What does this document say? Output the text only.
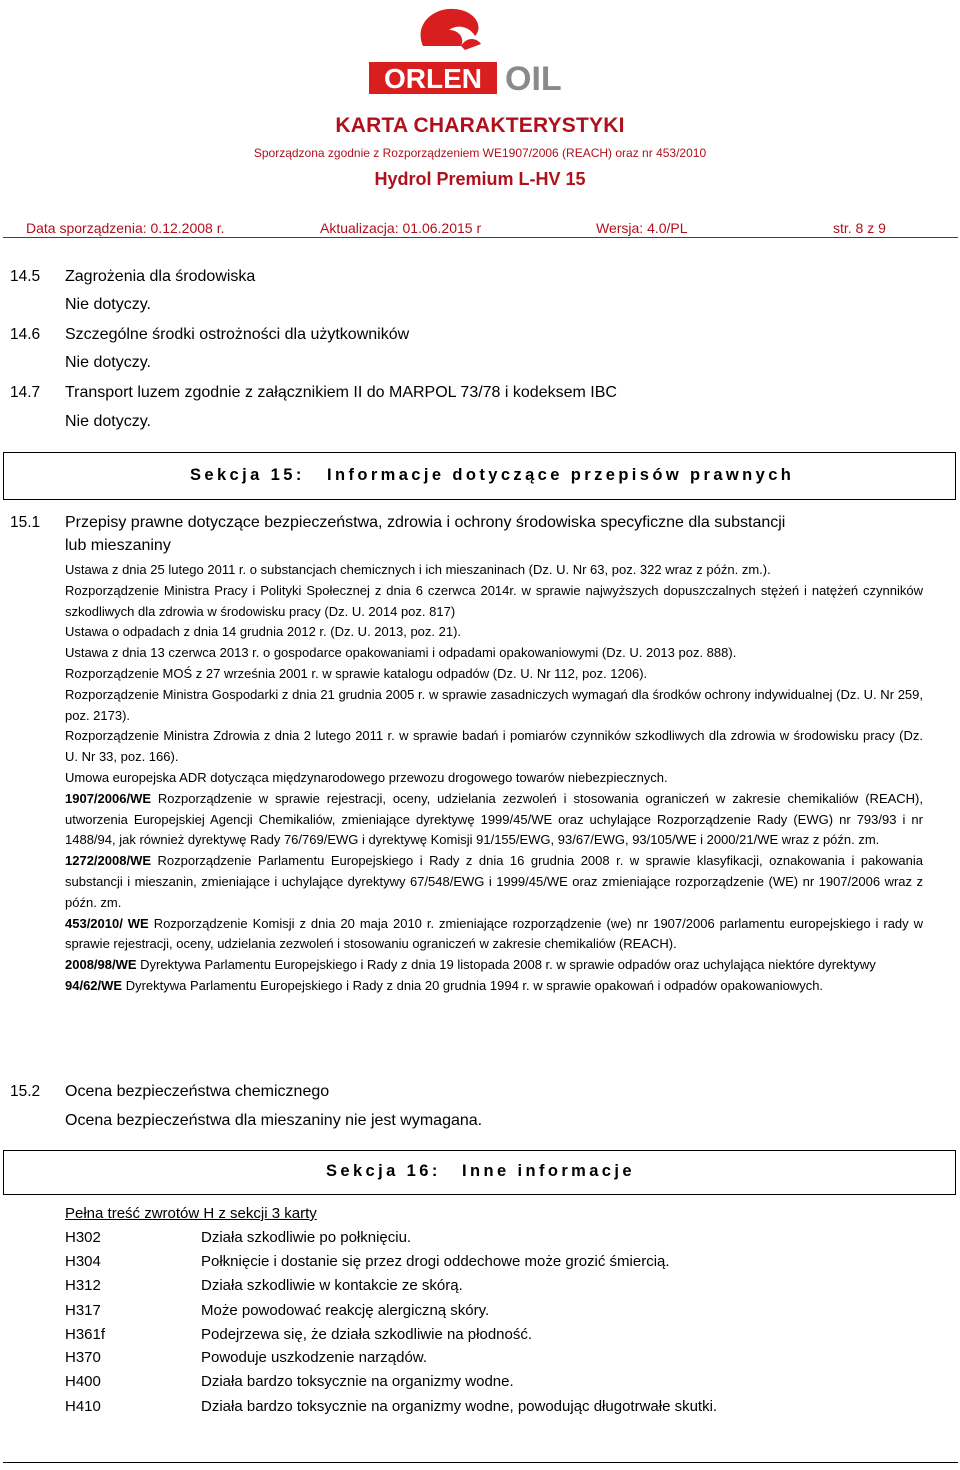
ORLEN OIL
KARTA CHARAKTERYSTYKI
Sporządzona zgodnie z Rozporządzeniem WE1907/2006 (REACH) oraz nr 453/2010
Hydrol Premium L-HV 15
Data sporządzenia: 0.12.2008 r.	Aktualizacja: 01.06.2015 r	Wersja: 4.0/PL	str. 8 z 9
14.5 Zagrożenia dla środowiska
Nie dotyczy.
14.6 Szczególne środki ostrożności dla użytkowników
Nie dotyczy.
14.7 Transport luzem zgodnie z załącznikiem II do MARPOL 73/78 i kodeksem IBC
Nie dotyczy.
Sekcja 15: Informacje dotyczące przepisów prawnych
15.1 Przepisy prawne dotyczące bezpieczeństwa, zdrowia i ochrony środowiska specyficzne dla substancji
lub mieszaniny
Ustawa z dnia 25 lutego 2011 r. o substancjach chemicznych i ich mieszaninach (Dz. U. Nr 63, poz. 322 wraz z późn. zm.).
Rozporządzenie Ministra Pracy i Polityki Społecznej z dnia 6 czerwca 2014r. w sprawie najwyższych dopuszczalnych stężeń i natężeń czynników szkodliwych dla zdrowia w środowisku pracy (Dz. U. 2014 poz. 817)
Ustawa o odpadach z dnia 14 grudnia 2012 r. (Dz. U. 2013, poz. 21).
Ustawa z dnia 13 czerwca 2013 r. o gospodarce opakowaniami i odpadami opakowaniowymi (Dz. U. 2013 poz. 888).
Rozporządzenie MOŚ z 27 września 2001 r. w sprawie katalogu odpadów (Dz. U. Nr 112, poz. 1206).
Rozporządzenie Ministra Gospodarki z dnia 21 grudnia 2005 r. w sprawie zasadniczych wymagań dla środków ochrony indywidualnej (Dz. U. Nr 259, poz. 2173).
Rozporządzenie Ministra Zdrowia z dnia 2 lutego 2011 r. w sprawie badań i pomiarów czynników szkodliwych dla zdrowia w środowisku pracy (Dz. U. Nr 33, poz. 166).
Umowa europejska ADR dotycząca międzynarodowego przewozu drogowego towarów niebezpiecznych.
1907/2006/WE Rozporządzenie w sprawie rejestracji, oceny, udzielania zezwoleń i stosowania ograniczeń w zakresie chemikaliów (REACH), utworzenia Europejskiej Agencji Chemikaliów, zmieniające dyrektywę 1999/45/WE oraz uchylające Rozporządzenie Rady (EWG) nr 793/93 i nr 1488/94, jak również dyrektywę Rady 76/769/EWG i dyrektywę Komisji 91/155/EWG, 93/67/EWG, 93/105/WE i 2000/21/WE wraz z późn. zm.
1272/2008/WE Rozporządzenie Parlamentu Europejskiego i Rady z dnia 16 grudnia 2008 r. w sprawie klasyfikacji, oznakowania i pakowania substancji i mieszanin, zmieniające i uchylające dyrektywy 67/548/EWG i 1999/45/WE oraz zmieniające rozporządzenie (WE) nr 1907/2006 wraz z późn. zm.
453/2010/ WE Rozporządzenie Komisji z dnia 20 maja 2010 r. zmieniające rozporządzenie (we) nr 1907/2006 parlamentu europejskiego i rady w sprawie rejestracji, oceny, udzielania zezwoleń i stosowaniu ograniczeń w zakresie chemikaliów (REACH).
2008/98/WE Dyrektywa Parlamentu Europejskiego i Rady z dnia 19 listopada 2008 r. w sprawie odpadów oraz uchylająca niektóre dyrektywy
94/62/WE Dyrektywa Parlamentu Europejskiego i Rady z dnia 20 grudnia 1994 r. w sprawie opakowań i odpadów opakowaniowych.
15.2 Ocena bezpieczeństwa chemicznego
Ocena bezpieczeństwa dla mieszaniny nie jest wymagana.
Sekcja 16: Inne informacje
Pełna treść zwrotów H z sekcji 3 karty
H302	Działa szkodliwie po połknięciu.
H304	Połknięcie i dostanie się przez drogi oddechowe może grozić śmiercią.
H312	Działa szkodliwie w kontakcie ze skórą.
H317	Może powodować reakcję alergiczną skóry.
H361f	Podejrzewa się, że działa szkodliwie na płodność.
H370	Powoduje uszkodzenie narządów.
H400	Działa bardzo toksycznie na organizmy wodne.
H410	Działa bardzo toksycznie na organizmy wodne, powodując długotrwałe skutki.
